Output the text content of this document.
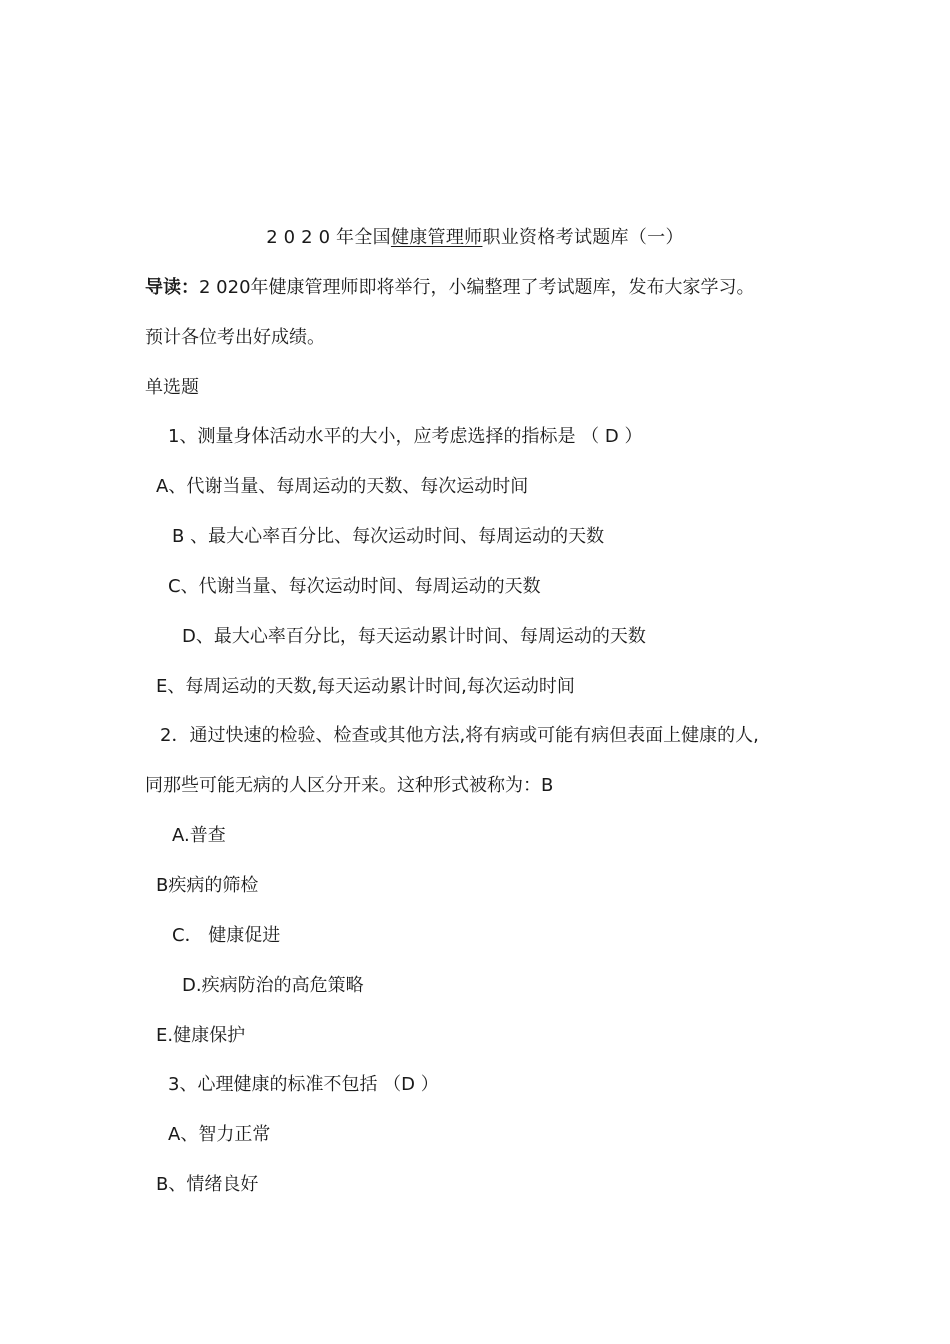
2020年全国健康管理师职业资格考试题库（一）
导读：2 020年健康管理师即将举行，小编整理了考试题库，发布大家学习。
预计各位考出好成绩。
单选题
1、测量身体活动水平的大小，应考虑选择的指标是 （ D ）
A、代谢当量、每周运动的天数、每次运动时间
B 、最大心率百分比、每次运动时间、每周运动的天数
C、代谢当量、每次运动时间、每周运动的天数
D、最大心率百分比，每天运动累计时间、每周运动的天数
E、每周运动的天数,每天运动累计时间,每次运动时间
2．通过快速的检验、检查或其他方法,将有病或可能有病但表面上健康的人,
同那些可能无病的人区分开来。这种形式被称为：B
A.普查
B疾病的筛检
C． 健康促进
D.疾病防治的高危策略
E.健康保护
3、心理健康的标准不包括 （D ）
A、智力正常
B、情绪良好
